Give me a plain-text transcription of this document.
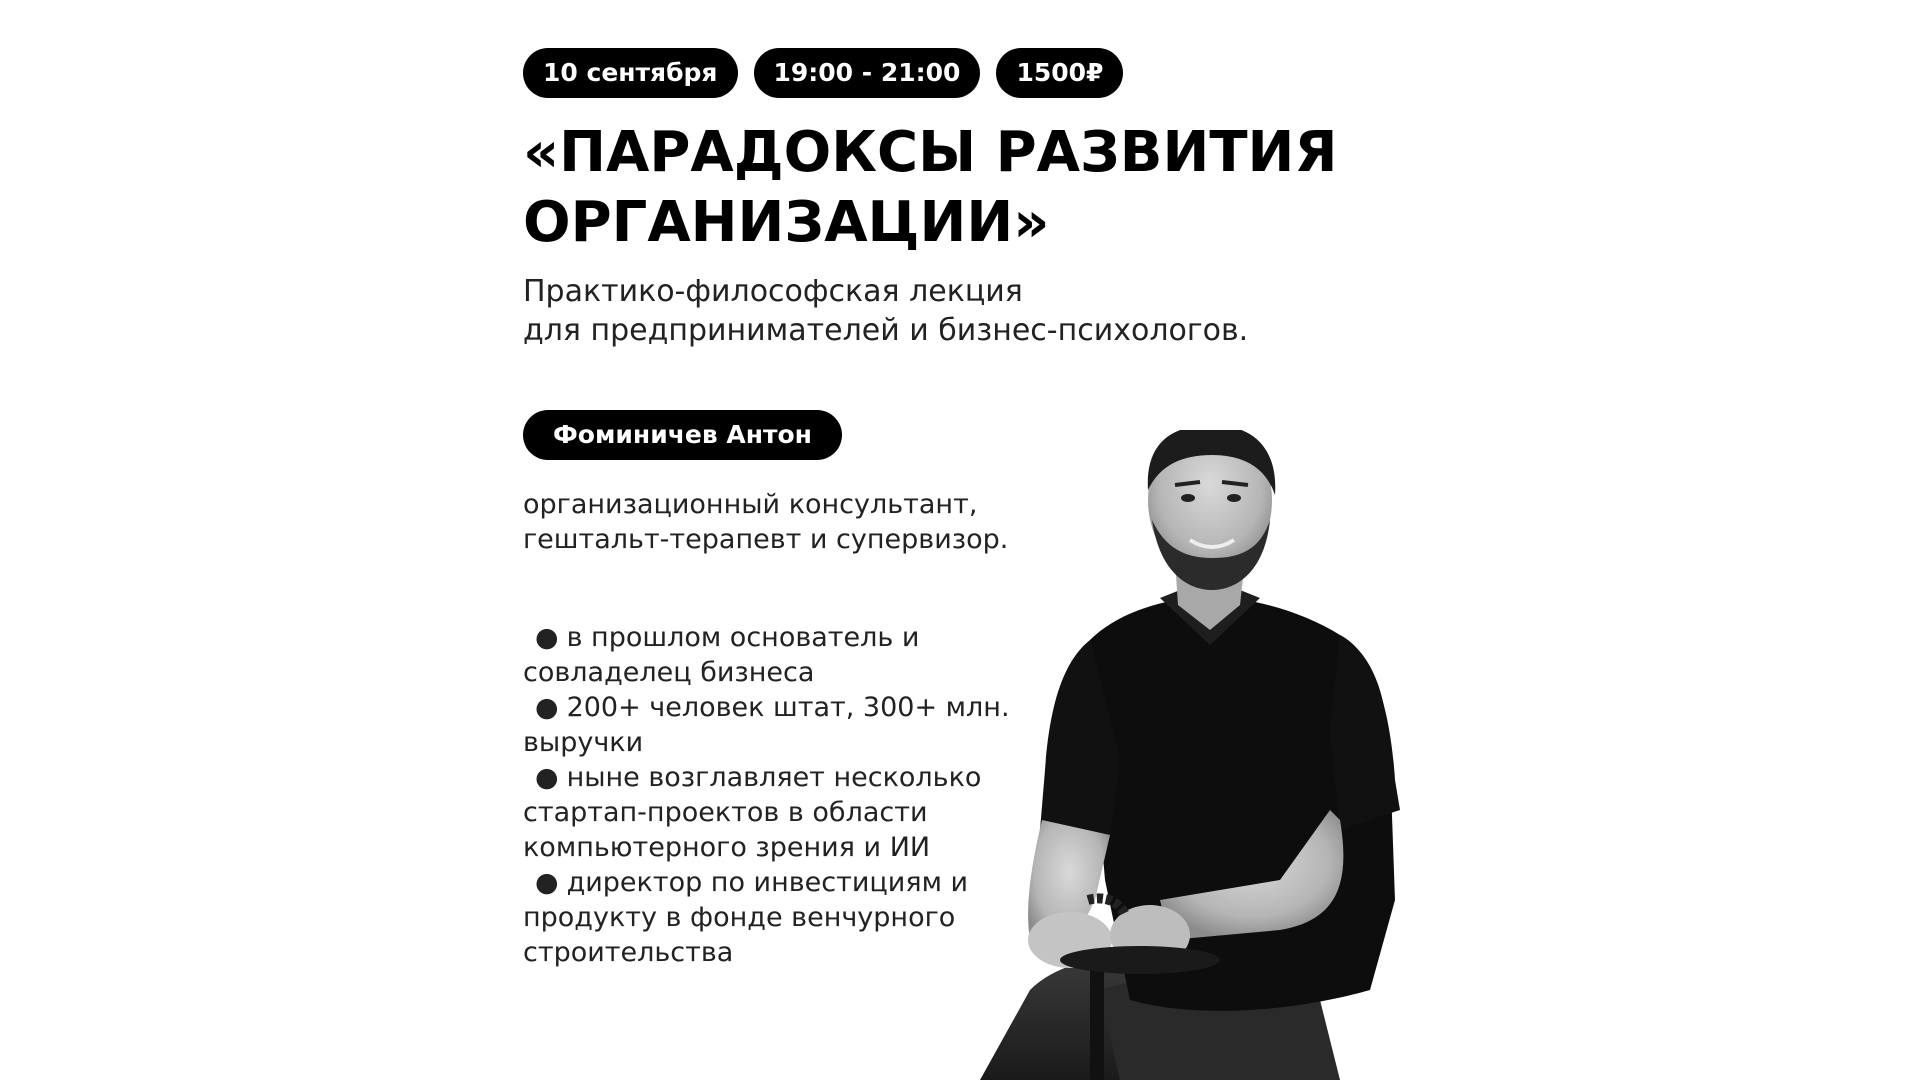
10 сентября	19:00 - 21:00	1500₽
«ПАРАДОКСЫ РАЗВИТИЯ ОРГАНИЗАЦИИ»
Практико-философская лекция
для предпринимателей и бизнес-психологов.
Фоминичев Антон
организационный консультант,
гештальт-терапевт и супервизор.
● в прошлом основатель и совладелец бизнеса
● 200+ человек штат, 300+ млн. выручки
● ныне возглавляет несколько стартап-проектов в области компьютерного зрения и ИИ
● директор по инвестициям и продукту в фонде венчурного строительства
